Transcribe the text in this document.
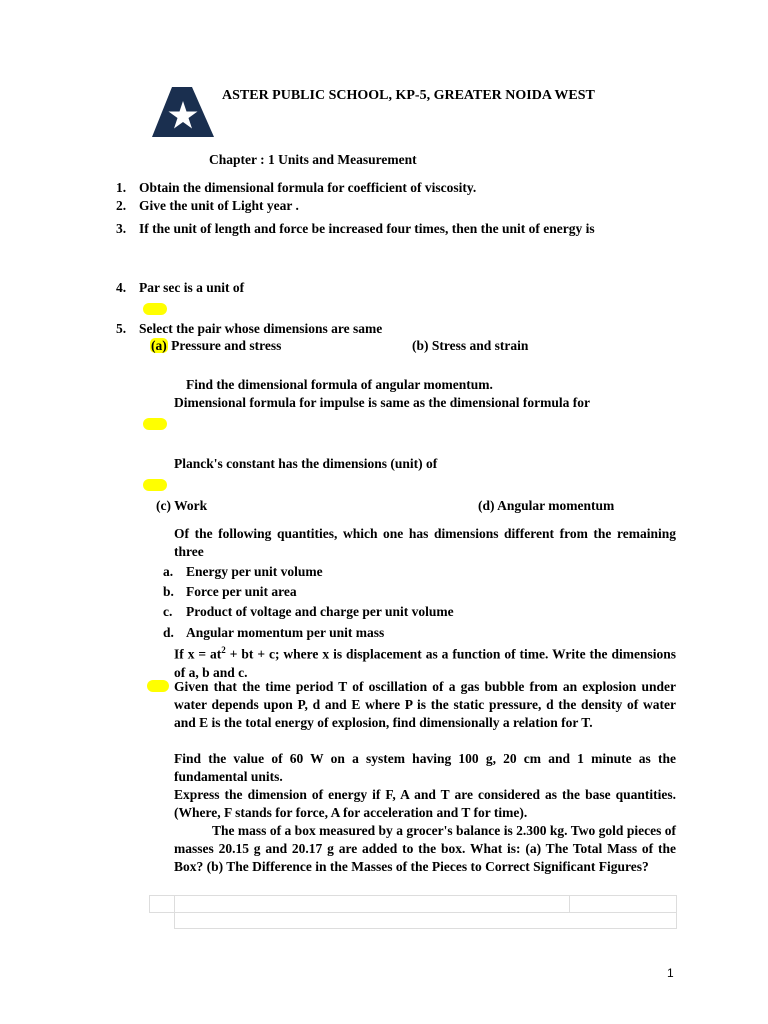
ASTER PUBLIC SCHOOL, KP-5, GREATER NOIDA WEST
Chapter : 1 Units and Measurement
1. Obtain the dimensional formula for coefficient of viscosity.
2. Give the unit of Light year .
3. If the unit of length and force be increased four times, then the unit of energy is
4. Par sec is a unit of
5. Select the pair whose dimensions are same
(a) Pressure and stress	(b) Stress and strain
Find the dimensional formula of angular momentum.
Dimensional formula for impulse is same as the dimensional formula for
Planck's constant has the dimensions (unit) of
(c) Work	(d) Angular momentum
Of the following quantities, which one has dimensions different from the remaining three
a. Energy per unit volume
b. Force per unit area
c. Product of voltage and charge per unit volume
d. Angular momentum per unit mass
If $x = at^2$ + bt + c; where x is displacement as a function of time. Write the dimensions of a, b and c.
Given that the time period T of oscillation of a gas bubble from an explosion under water depends upon P, d and E where P is the static pressure, d the density of water and E is the total energy of explosion, find dimensionally a relation for T.
Find the value of 60 W on a system having 100 g, 20 cm and 1 minute as the fundamental units.
Express the dimension of energy if F, A and T are considered as the base quantities. (Where, F stands for force, A for acceleration and T for time).
The mass of a box measured by a grocer's balance is 2.300 kg. Two gold pieces of masses 20.15 g and 20.17 g are added to the box. What is: (a) The Total Mass of the Box? (b) The Difference in the Masses of the Pieces to Correct Significant Figures?
1
